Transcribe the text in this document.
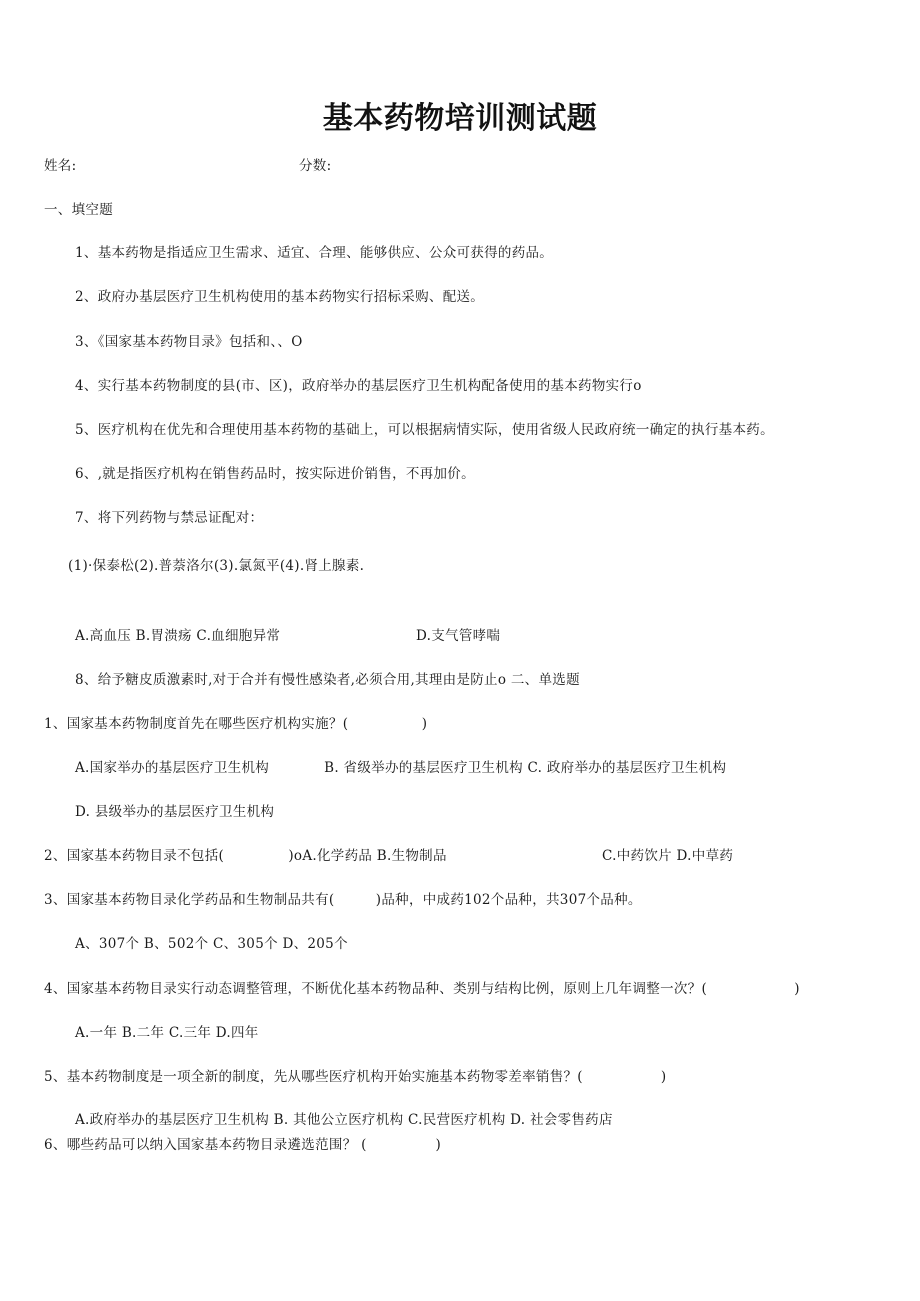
基本药物培训测试题
姓名:	分数:
一、填空题
1、基本药物是指适应卫生需求、适宜、合理、能够供应、公众可获得的药品。
2、政府办基层医疗卫生机构使用的基本药物实行招标采购、配送。
3、《国家基本药物目录》包括和、、O
4、实行基本药物制度的县(市、区)，政府举办的基层医疗卫生机构配备使用的基本药物实行o
5、医疗机构在优先和合理使用基本药物的基础上，可以根据病情实际，使用省级人民政府统一确定的执行基本药。
6、,就是指医疗机构在销售药品时，按实际进价销售，不再加价。
7、将下列药物与禁忌证配对：
(1)·保泰松(2).普萘洛尔(3).氯氮平(4).肾上腺素.
A.高血压 B.胃溃疡 C.血细胞异常	D.支气管哮喘
8、给予糖皮质激素时,对于合并有慢性感染者,必须合用,其理由是防止o 二、单选题
1、国家基本药物制度首先在哪些医疗机构实施？(                )
A.国家举办的基层医疗卫生机构            B. 省级举办的基层医疗卫生机构 C. 政府举办的基层医疗卫生机构
D. 县级举办的基层医疗卫生机构
2、国家基本药物目录不包括(              )oA.化学药品 B.生物制品	C.中药饮片 D.中草药
3、国家基本药物目录化学药品和生物制品共有(         )品种，中成药102个品种，共307个品种。
A、307个 B、502个 C、305个 D、205个
4、国家基本药物目录实行动态调整管理，不断优化基本药物品种、类别与结构比例，原则上几年调整一次？(                   )
A.一年 B.二年 C.三年 D.四年
5、基本药物制度是一项全新的制度，先从哪些医疗机构开始实施基本药物零差率销售？(                 )
A.政府举办的基层医疗卫生机构 B. 其他公立医疗机构 C.民营医疗机构 D. 社会零售药店
6、哪些药品可以纳入国家基本药物目录遴选范围？ (               )
